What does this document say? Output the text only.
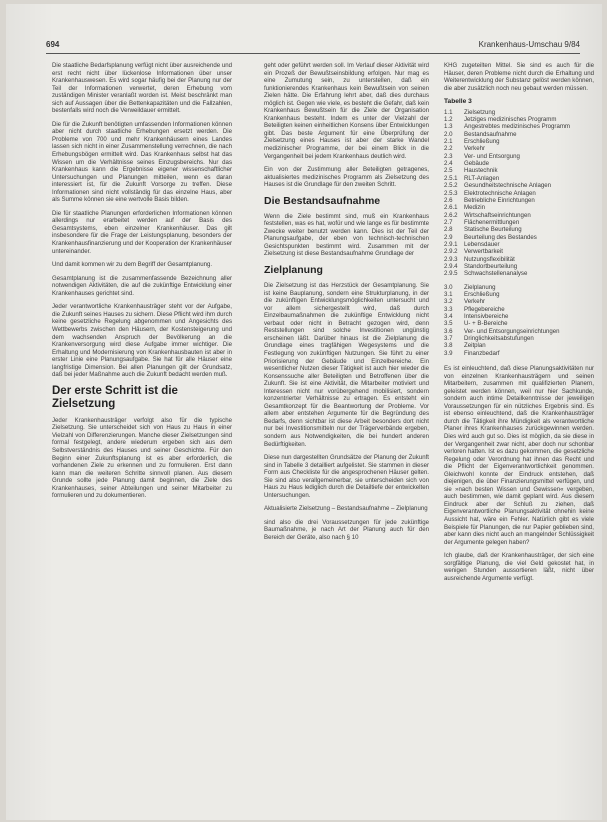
694	Krankenhaus-Umschau 9/84

Die staatliche Bedarfsplanung verfügt nicht über ausreichende und erst recht nicht über lückenlose Informationen über unser Krankenhauswesen. Es wird sogar häufig bei der Planung nur der Teil der Informationen verwertet, deren Erhebung vom zuständigen Minister veranlaßt worden ist. Meist beschränkt man sich auf Aussagen über die Bettenkapazitäten und die Fallzahlen, bestenfalls wird noch die Verweildauer ermittelt.

Die für die Zukunft benötigten umfassenden Informationen können aber nicht durch staatliche Erhebungen ersetzt werden. Die Probleme von 700 und mehr Krankenhäusern eines Landes lassen sich nicht in einer Zusammenstellung verrechnen, die nach Erhebungsbögen ermittelt wird. Das Krankenhaus selbst hat das Wissen um die Verhältnisse seines Einzugsbereichs. Nur das Krankenhaus kann die Ergebnisse eigener wissenschaftlicher Untersuchungen und Planungen mitteilen, wenn es daran interessiert ist, für die Zukunft Vorsorge zu treffen. Diese Informationen sind nicht vollständig für das einzelne Haus, aber als Summe können sie eine wertvolle Basis bilden.

Die für staatliche Planungen erforderlichen Informationen können allerdings nur erarbeitet werden auf der Basis des Gesamtsystems, eben einzelner Krankenhäuser. Das gilt insbesondere für die Frage der Leistungsplanung, besonders der Krankenhausfinanzierung und der Kooperation der Krankenhäuser untereinander.

Und damit kommen wir zu dem Begriff der Gesamtplanung.

Gesamtplanung ist die zusammenfassende Bezeichnung aller notwendigen Aktivitäten, die auf die zukünftige Entwicklung einer Krankenhauses gerichtet sind.

Jeder verantwortliche Krankenhausträger steht vor der Aufgabe, die Zukunft seines Hauses zu sichern. Diese Pflicht wird ihm durch keine gesetzliche Regelung abgenommen und Angesichts des Wettbewerbs zwischen den Häusern, der Kostensteigerung und dem wachsenden Anspruch der Bevölkerung an die Krankenversorgung wird diese Aufgabe immer wichtiger. Die Erhaltung und Modernisierung von Krankenhausbauten ist aber in erster Linie eine Planungsaufgabe. Sie hat für alle Häuser eine langfristige Dimension. Bei allen Planungen gilt der Grundsatz, daß bei jeder Maßnahme auch die Zukunft bedacht werden muß.

Der erste Schritt ist die Zielsetzung

Jeder Krankenhausträger verfolgt also für die typische Zielsetzung. Sie unterscheidet sich von Haus zu Haus in einer Vielzahl von Differenzierungen. Manche dieser Zielsetzungen sind formal festgelegt, andere wiederum ergeben sich aus dem Selbstverständnis des Hauses und seiner Geschichte. Für den Beginn einer Zukunftsplanung ist es aber erforderlich, die vorhandenen Ziele zu erkennen und zu formulieren. Erst dann kann man die weiteren Schritte sinnvoll planen. Aus diesem Grunde sollte jede Planung damit beginnen, die Ziele des Krankenhauses, seiner Abteilungen und seiner Mitarbeiter zu formulieren und zu dokumentieren.

geht oder geführt werden soll. Im Verlauf dieser Aktivität wird ein Prozeß der Bewußtseinsbildung erfolgen. Nur mag es eine Zumutung sein, zu unterstellen, daß ein funktionierendes Krankenhaus kein Bewußtsein von seinen Zielen hätte. Die Erfahrung lehrt aber, daß dies durchaus möglich ist. Gegen wie viele, es besteht die Gefahr, daß kein Krankenhaus Bewußtsein für die Ziele der Organisation Krankenhaus besteht. Indem es unter der Vielzahl der Beteiligten keinen einheitlichen Konsens über Entwicklungen gibt. Das beste Argument für eine Überprüfung der Zielsetzung eines Hauses ist aber der starke Wandel medizinischer Programme, der bei einem Blick in die Vergangenheit bei jedem Krankenhaus deutlich wird.

Ein von der Zustimmung aller Beteiligten getragenes, aktualisiertes medizinisches Programm als Zielsetzung des Hauses ist die Grundlage für den zweiten Schritt.

Die Bestandsaufnahme

Wenn die Ziele bestimmt sind, muß ein Krankenhaus feststellen, was es hat, wofür und wie lange es für bestimmte Zwecke weiter benutzt werden kann. Dies ist der Teil der Planungsaufgabe, der eben von technisch-technischen Gesichtspunkten bestimmt wird. Zusammen mit der Zielsetzung ist diese Bestandsaufnahme Grundlage der

Zielplanung

Die Zielsetzung ist das Herzstück der Gesamtplanung. Sie ist keine Bauplanung, sondern eine Strukturplanung, in der die zukünftigen Entwicklungsmöglichkeiten untersucht und vor allem sichergestellt wird, daß durch Einzelbaumaßnahmen die zukünftige Entwicklung nicht verbaut oder nicht in Betracht gezogen wird, denn Reststellungen sind solche Investitionen ungünstig erscheinen läßt. Darüber hinaus ist die Zielplanung die Grundlage eines tragfähigen Wegesystems und die Festlegung von zukünftigen Nutzungen. Sie führt zu einer Priorisierung der Gebäude und Einzelbereiche. Ein wesentlicher Nutzen dieser Tätigkeit ist auch hier wieder die Konsenssuche aller Beteiligten und Betroffenen über die Zukunft. Sie ist eine Aktivität, die Mitarbeiter motiviert und Interessen nicht nur vorübergehend mobilisiert, sondern konzentrierter Verhältnisse zu ertragen. Es entsteht ein Gesamtkonzept für die Beantwortung der Probleme. Vor allem aber entstehen Argumente für die Begründung des Bedarfs, denn sichtbar ist diese Arbeit besonders dort nicht nur bei Investitionsmitteln nur der Trägerverbände ergeben, sondern aus Notwendigkeiten, die bei hundert anderen Bedürftigkeiten.

Diese nun dargestellten Grundsätze der Planung der Zukunft sind in Tabelle 3 detailliert aufgelistet. Sie stammen in dieser Form aus Checkliste für die angesprochenen Häuser gelten. Sie sind also verallgemeinerbar, sie unterscheiden sich von Haus zu Haus lediglich durch die Detailtiefe der entwickelten Untersuchungen.

Aktualisierte Zielsetzung – Bestandsaufnahme – Zielplanung

sind also die drei Voraussetzungen für jede zukünftige Baumaßnahme, je nach Art der Planung auch für den Bereich der Geräte, also nach § 10

KHG zugeteilten Mittel. Sie sind es auch für die Häuser, deren Probleme nicht durch die Erhaltung und Weiterentwicklung der Substanz gelöst werden können, die aber zusätzlich noch neu gebaut werden müssen.

Tabelle 3
1.1	Zielsetzung
1.2	Jetziges medizinisches Programm
1.3	Angestrebtes medizinisches Programm
2.0	Bestandsaufnahme
2.1	Erschließung
2.2	Verkehr
2.3	Ver- und Entsorgung
2.4	Gebäude
2.5	Haustechnik
2.5.1	RLT-Anlagen
2.5.2	Gesundheitstechnische Anlagen
2.5.3	Elektrotechnische Anlagen
2.6	Betriebliche Einrichtungen
2.6.1	Medizin
2.6.2	Wirtschaftseinrichtungen
2.7	Flächenermittlungen
2.8	Statische Beurteilung
2.9	Beurteilung des Bestandes
2.9.1	Lebensdauer
2.9.2	Verwertbarkeit
2.9.3	Nutzungsflexibilität
2.9.4	Standortbeurteilung
2.9.5	Schwachstellenanalyse

3.0	Zielplanung
3.1	Erschließung
3.2	Verkehr
3.3	Pflegebereiche
3.4	Intensivbereiche
3.5	U- + B-Bereiche
3.6	Ver- und Entsorgungseinrichtungen
3.7	Dringlichkeitsabstufungen
3.8	Zeitplan
3.9	Finanzbedarf

Es ist einleuchtend, daß diese Planungsaktivitäten nur von einzelnen Krankenhausträgern und seinen Mitarbeitern, zusammen mit qualifizierten Planern, geleistet werden können, weil nur hier Sachkunde, sondern auch intime Detailkenntnisse der jeweiligen Voraussetzungen für ein nützliches Ergebnis sind. Es ist ebenso einleuchtend, daß die Krankenhausträger durch die Tätigkeit ihre Mündigkeit als verantwortliche Planer ihres Krankenhauses zurückgewinnen werden. Dies wird auch gut so. Dies ist möglich, da sie diese in der Vergangenheit zwar nicht, aber doch nur schonbar verloren hatten. Ist es dazu gekommen, die gesetzliche Regelung oder Verordnung hat ihnen das Recht und die Pflicht der Eigenverantwortlichkeit genommen. Gleichwohl konnte der Eindruck entstehen, daß diejenigen, die über Finanzierungsmittel verfügen, und sie »nach besten Wissen und Gewissen« vergeben, auch bestimmen, wie damit geplant wird. Aus diesem Eindruck aber der Schluß zu ziehen, daß Eigenverantwortliche Planungsaktivität ohnehin keine Aussicht hat, wäre ein Fehler. Natürlich gibt es viele Beispiele für Planungen, die nur Papier geblieben sind, aber kann dies nicht auch an mangelnder Schlüssigkeit der Argumente gelegen haben?

Ich glaube, daß der Krankenhausträger, der sich eine sorgfältige Planung, die viel Geld gekostet hat, in wenigen Stunden aussortieren läßt, nicht über ausreichende Argumente verfügt.
